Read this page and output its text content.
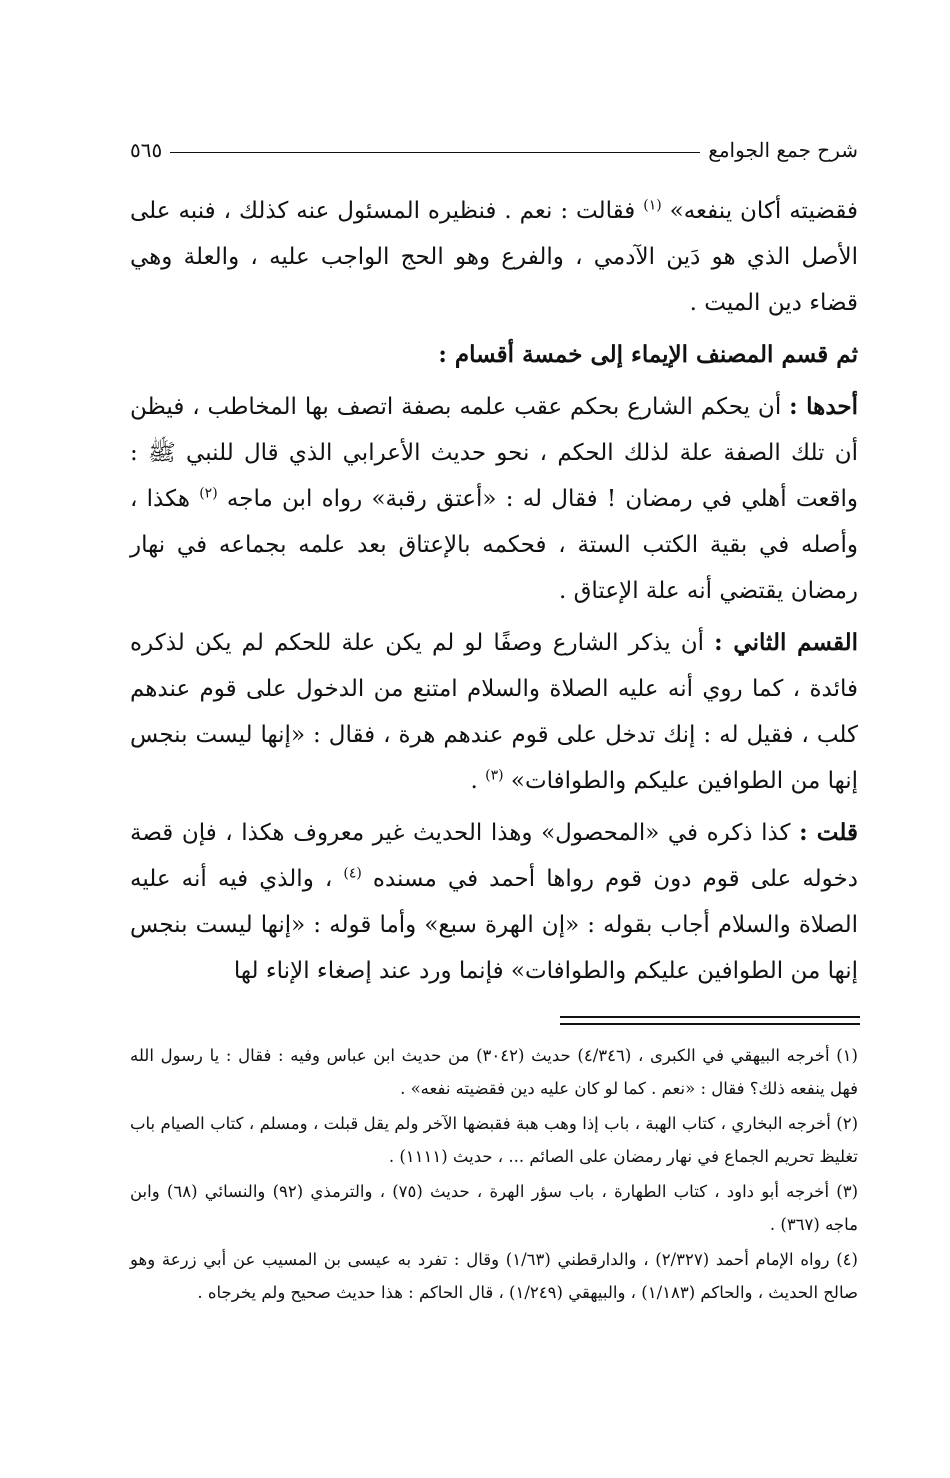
شرح جمع الجوامع
٥٦٥

فقضيته أكان ينفعه» $^{(١)}$ فقالت : نعم . فنظيره المسئول عنه كذلك ، فنبه على الأصل الذي هو دَين الآدمي ، والفرع وهو الحج الواجب عليه ، والعلة وهي قضاء دين الميت .

ثم قسم المصنف الإيماء إلى خمسة أقسام :

أحدها : أن يحكم الشارع بحكم عقب علمه بصفة اتصف بها المخاطب ، فيظن أن تلك الصفة علة لذلك الحكم ، نحو حديث الأعرابي الذي قال للنبي ﷺ : واقعت أهلي في رمضان ! فقال له : «أعتق رقبة» رواه ابن ماجه $^{(٢)}$ هكذا ، وأصله في بقية الكتب الستة ، فحكمه بالإعتاق بعد علمه بجماعه في نهار رمضان يقتضي أنه علة الإعتاق .

القسم الثاني : أن يذكر الشارع وصفًا لو لم يكن علة للحكم لم يكن لذكره فائدة ، كما روي أنه عليه الصلاة والسلام امتنع من الدخول على قوم عندهم كلب ، فقيل له : إنك تدخل على قوم عندهم هرة ، فقال : «إنها ليست بنجس إنها من الطوافين عليكم والطوافات» $^{(٣)}$ .

قلت : كذا ذكره في «المحصول» وهذا الحديث غير معروف هكذا ، فإن قصة دخوله على قوم دون قوم رواها أحمد في مسنده $^{(٤)}$ ، والذي فيه أنه عليه الصلاة والسلام أجاب بقوله : «إن الهرة سبع» وأما قوله : «إنها ليست بنجس إنها من الطوافين عليكم والطوافات» فإنما ورد عند إصغاء الإناء لها

(١) أخرجه البيهقي في الكبرى ، (٤/٣٤٦) حديث (٣٠٤٢) من حديث ابن عباس وفيه : فقال : يا رسول الله فهل ينفعه ذلك؟ فقال : «نعم . كما لو كان عليه دين فقضيته نفعه» .

(٢) أخرجه البخاري ، كتاب الهبة ، باب إذا وهب هبة فقبضها الآخر ولم يقل قبلت ، ومسلم ، كتاب الصيام باب تغليظ تحريم الجماع في نهار رمضان على الصائم ... ، حديث (١١١١) .

(٣) أخرجه أبو داود ، كتاب الطهارة ، باب سؤر الهرة ، حديث (٧٥) ، والترمذي (٩٢) والنسائي (٦٨) وابن ماجه (٣٦٧) .

(٤) رواه الإمام أحمد (٢/٣٢٧) ، والدارقطني (١/٦٣) وقال : تفرد به عيسى بن المسيب عن أبي زرعة وهو صالح الحديث ، والحاكم (١/١٨٣) ، والبيهقي (١/٢٤٩) ، قال الحاكم : هذا حديث صحيح ولم يخرجاه .
